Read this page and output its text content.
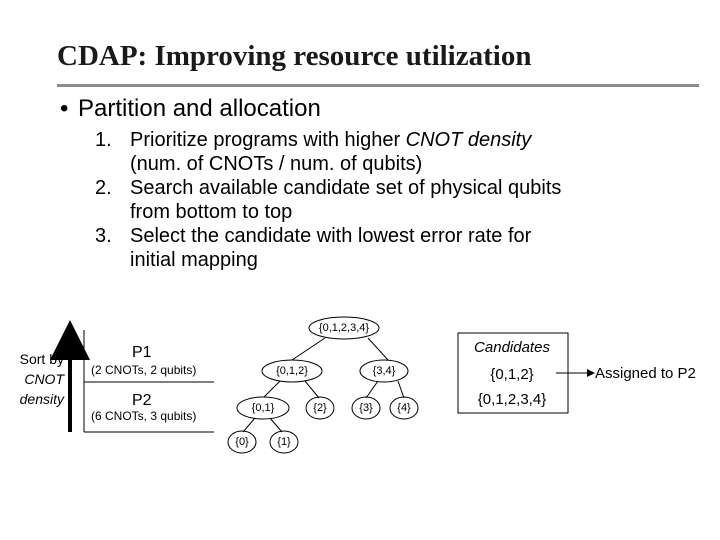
CDAP: Improving resource utilization
• Partition and allocation
1. Prioritize programs with higher CNOT density
(num. of CNOTs / num. of qubits)
2. Search available candidate set of physical qubits
from bottom to top
3. Select the candidate with lowest error rate for
initial mapping
Sort by
CNOT
density
P1
(2 CNOTs, 2 qubits)
P2
(6 CNOTs, 3 qubits)
{0,1,2,3,4}
{0,1,2}	{3,4}
{0,1}	{2}	{3} {4}
{0}	{1}
Candidates
{0,1,2}
{0,1,2,3,4}
Assigned to P2
